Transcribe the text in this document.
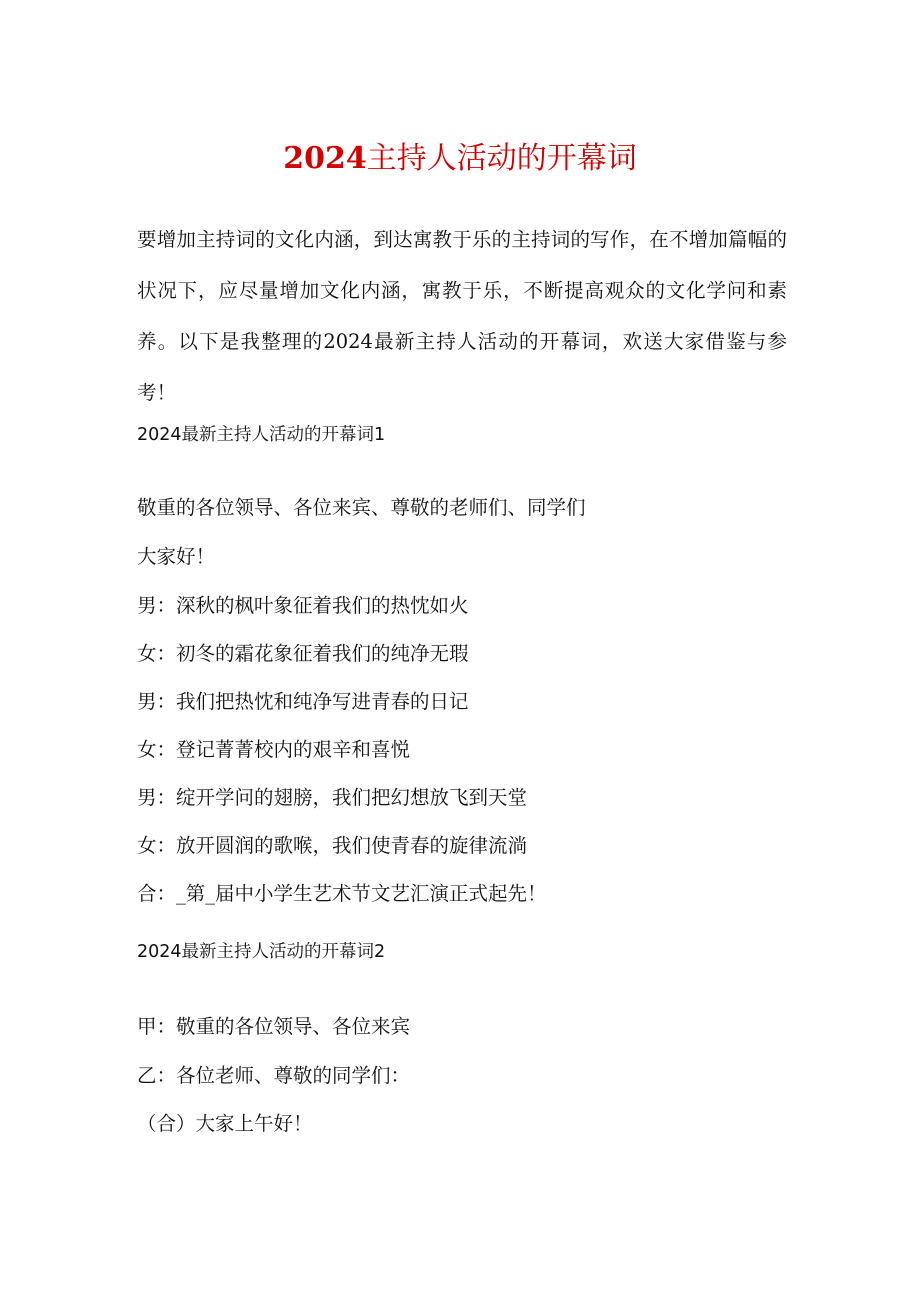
2024主持人活动的开幕词

要增加主持词的文化内涵，到达寓教于乐的主持词的写作，在不增加篇幅的状况下，应尽量增加文化内涵，寓教于乐，不断提高观众的文化学问和素养。以下是我整理的2024最新主持人活动的开幕词，欢送大家借鉴与参考！

2024最新主持人活动的开幕词1

敬重的各位领导、各位来宾、尊敬的老师们、同学们

大家好！

男：深秋的枫叶象征着我们的热忱如火

女：初冬的霜花象征着我们的纯净无瑕

男：我们把热忱和纯净写进青春的日记

女：登记菁菁校内的艰辛和喜悦

男：绽开学问的翅膀，我们把幻想放飞到天堂

女：放开圆润的歌喉，我们使青春的旋律流淌

合：_第_届中小学生艺术节文艺汇演正式起先！

2024最新主持人活动的开幕词2

甲：敬重的各位领导、各位来宾

乙：各位老师、尊敬的同学们：

（合）大家上午好！
